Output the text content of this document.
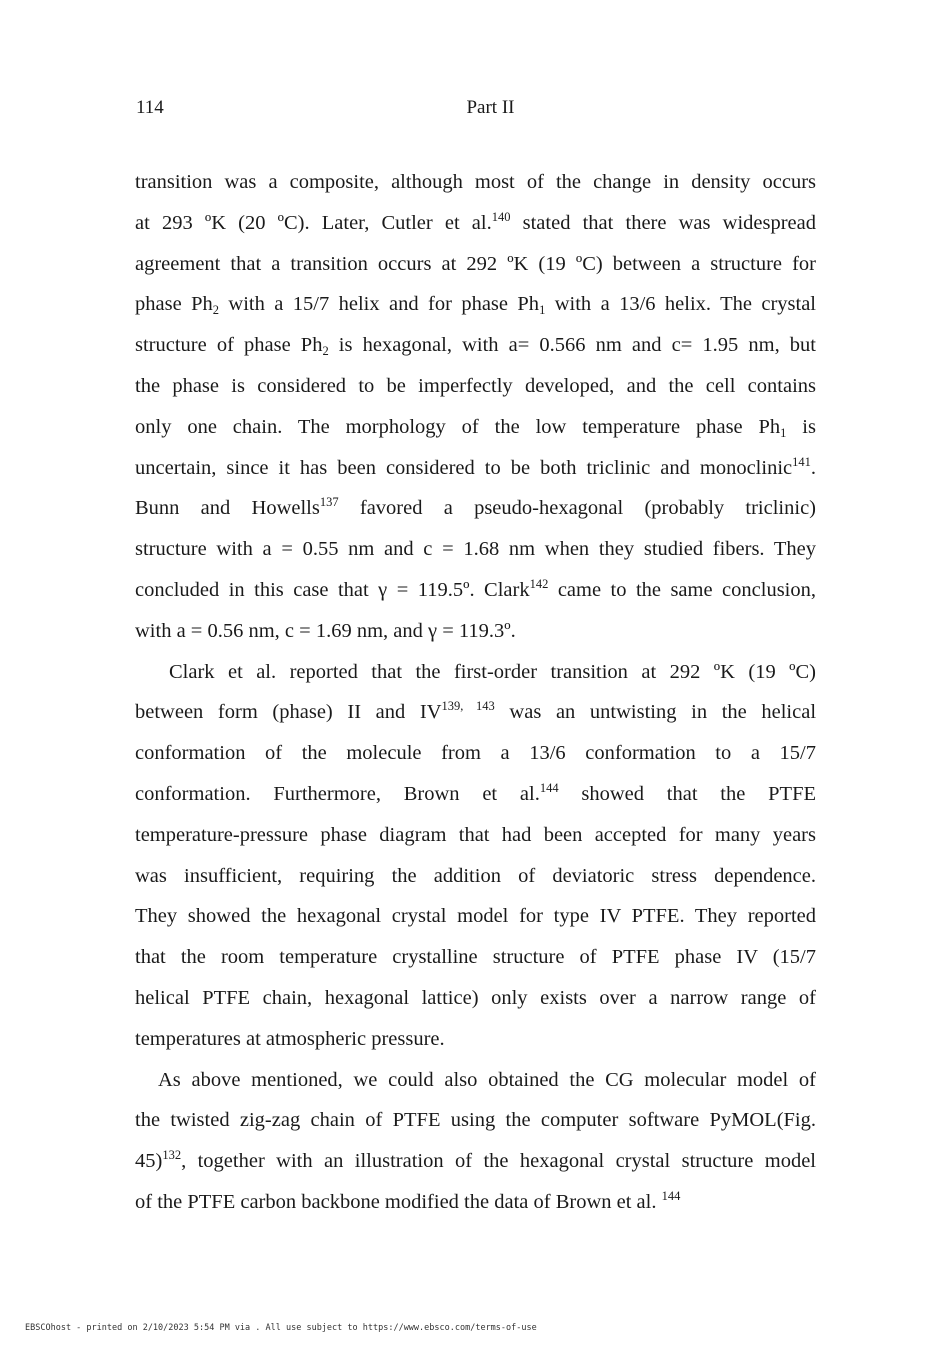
114	Part II
transition was a composite, although most of the change in density occurs
at 293 ºK (20 ºC). Later, Cutler et al.$^{140}$ stated that there was widespread
agreement that a transition occurs at 292 ºK (19 ºC) between a structure for
phase $Ph_2$ with a 15/7 helix and for phase $Ph_1$ with a 13/6 helix. The crystal
structure of phase $Ph_2$ is hexagonal, with a= 0.566 nm and c= 1.95 nm, but
the phase is considered to be imperfectly developed, and the cell contains
only one chain. The morphology of the low temperature phase $Ph_1$ is
uncertain, since it has been considered to be both triclinic and monoclinic$^{141}$.
Bunn and Howells$^{137}$ favored a pseudo-hexagonal (probably triclinic)
structure with a = 0.55 nm and c = 1.68 nm when they studied fibers. They
concluded in this case that γ = 119.5º. Clark$^{142}$ came to the same conclusion,
with a = 0.56 nm, c = 1.69 nm, and γ = 119.3º.
Clark et al. reported that the first-order transition at 292 ºK (19 ºC)
between form (phase) II and IV$^{139, 143}$ was an untwisting in the helical
conformation of the molecule from a 13/6 conformation to a 15/7
conformation. Furthermore, Brown et al.$^{144}$ showed that the PTFE
temperature-pressure phase diagram that had been accepted for many years
was insufficient, requiring the addition of deviatoric stress dependence.
They showed the hexagonal crystal model for type IV PTFE. They reported
that the room temperature crystalline structure of PTFE phase IV (15/7
helical PTFE chain, hexagonal lattice) only exists over a narrow range of
temperatures at atmospheric pressure.
As above mentioned, we could also obtained the CG molecular model of
the twisted zig-zag chain of PTFE using the computer software PyMOL(Fig.
45)$^{132}$, together with an illustration of the hexagonal crystal structure model
of the PTFE carbon backbone modified the data of Brown et al. $^{144}$
EBSCOhost - printed on 2/10/2023 5:54 PM via . All use subject to https://www.ebsco.com/terms-of-use
